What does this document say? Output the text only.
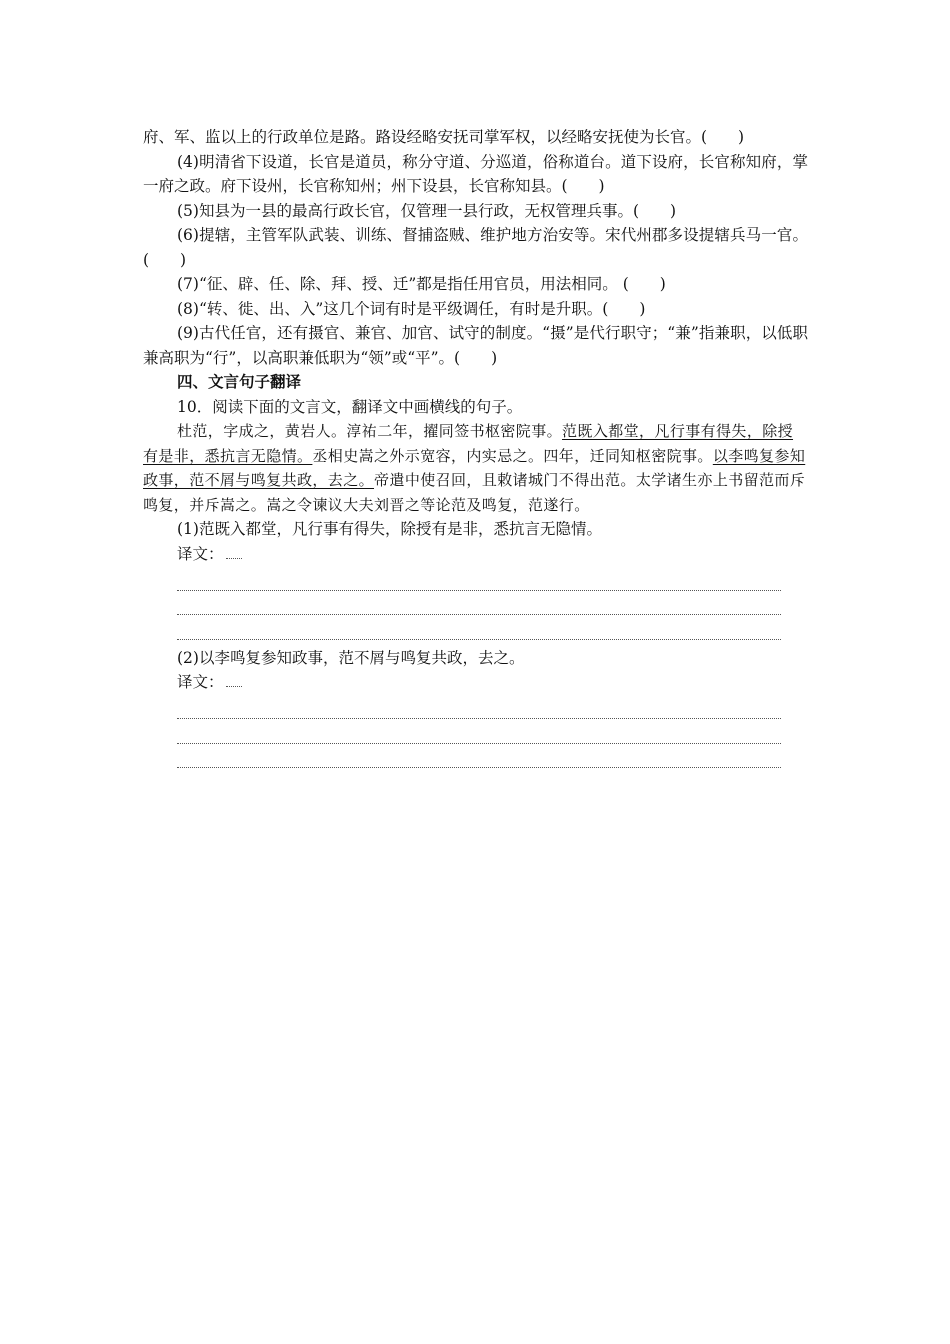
府、军、监以上的行政单位是路。路设经略安抚司掌军权，以经略安抚使为长官。(　　)

(4)明清省下设道，长官是道员，称分守道、分巡道，俗称道台。道下设府，长官称知府，掌一府之政。府下设州，长官称知州；州下设县，长官称知县。(　　)

(5)知县为一县的最高行政长官，仅管理一县行政，无权管理兵事。(　　)

(6)提辖，主管军队武装、训练、督捕盗贼、维护地方治安等。宋代州郡多设提辖兵马一官。(　　)

(7)“征、辟、任、除、拜、授、迁”都是指任用官员，用法相同。 (　　)

(8)“转、徙、出、入”这几个词有时是平级调任，有时是升职。(　　)

(9)古代任官，还有摄官、兼官、加官、试守的制度。“摄”是代行职守；“兼”指兼职，以低职兼高职为“行”，以高职兼低职为“领”或“平”。(　　)

四、文言句子翻译

10．阅读下面的文言文，翻译文中画横线的句子。

杜范，字成之，黄岩人。淳祐二年，擢同签书枢密院事。范既入都堂，凡行事有得失，除授有是非，悉抗言无隐情。丞相史嵩之外示宽容，内实忌之。四年，迁同知枢密院事。以李鸣复参知政事，范不屑与鸣复共政，去之。帝遣中使召回，且敕诸城门不得出范。太学诸生亦上书留范而斥鸣复，并斥嵩之。嵩之令谏议大夫刘晋之等论范及鸣复，范遂行。

(1)范既入都堂，凡行事有得失，除授有是非，悉抗言无隐情。

译文：

(2)以李鸣复参知政事，范不屑与鸣复共政，去之。

译文：
